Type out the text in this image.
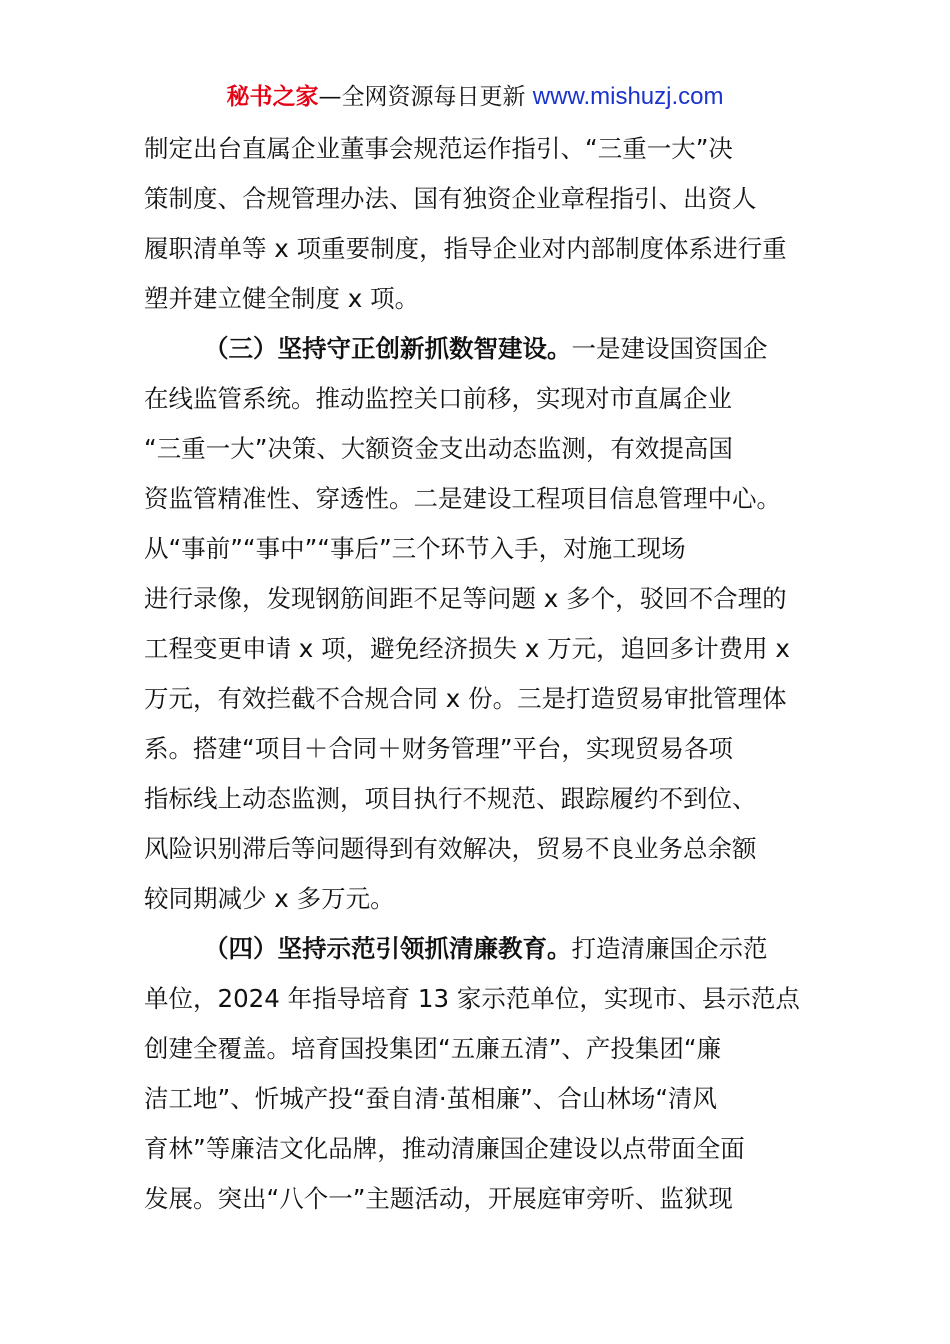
秘书之家—全网资源每日更新 www.mishuzj.com
制定出台直属企业董事会规范运作指引、“三重一大”决
策制度、合规管理办法、国有独资企业章程指引、出资人
履职清单等 x 项重要制度，指导企业对内部制度体系进行重
塑并建立健全制度 x 项。
（三）坚持守正创新抓数智建设。一是建设国资国企
在线监管系统。推动监控关口前移，实现对市直属企业
“三重一大”决策、大额资金支出动态监测，有效提高国
资监管精准性、穿透性。二是建设工程项目信息管理中心。
从“事前”“事中”“事后”三个环节入手，对施工现场
进行录像，发现钢筋间距不足等问题 x 多个，驳回不合理的
工程变更申请 x 项，避免经济损失 x 万元，追回多计费用 x
万元，有效拦截不合规合同 x 份。三是打造贸易审批管理体
系。搭建“项目＋合同＋财务管理”平台，实现贸易各项
指标线上动态监测，项目执行不规范、跟踪履约不到位、
风险识别滞后等问题得到有效解决，贸易不良业务总余额
较同期减少 x 多万元。
（四）坚持示范引领抓清廉教育。打造清廉国企示范
单位，2024 年指导培育 13 家示范单位，实现市、县示范点
创建全覆盖。培育国投集团“五廉五清”、产投集团“廉
洁工地”、忻城产投“蚕自清·茧相廉”、合山林场“清风
育林”等廉洁文化品牌，推动清廉国企建设以点带面全面
发展。突出“八个一”主题活动，开展庭审旁听、监狱现
